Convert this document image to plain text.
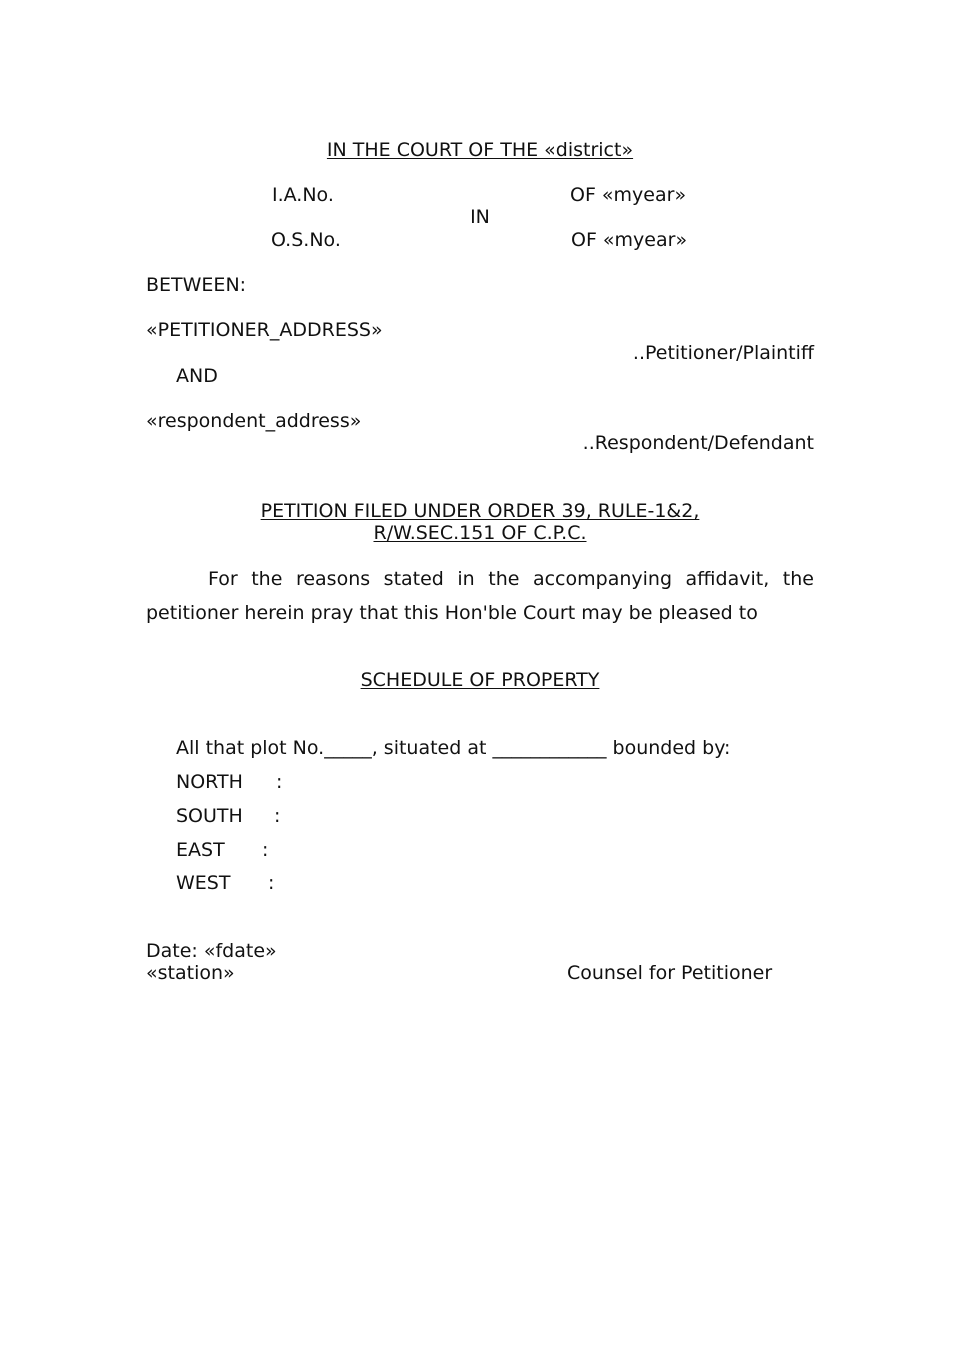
IN THE COURT OF THE «district»
I.A.No.	OF «myear»
IN
O.S.No.	OF «myear»
BETWEEN:
«PETITIONER_ADDRESS»
..Petitioner/Plaintiff
AND
«respondent_address»
..Respondent/Defendant
PETITION FILED UNDER ORDER 39, RULE-1&2,
R/W.SEC.151 OF C.P.C.
For the reasons stated in the accompanying affidavit, the
petitioner herein pray that this Hon'ble Court may be pleased to
SCHEDULE OF PROPERTY
All that plot No._____, situated at ____________ bounded by:
NORTH :
SOUTH :
EAST :
WEST :
Date: «fdate»
«station»	Counsel for Petitioner
